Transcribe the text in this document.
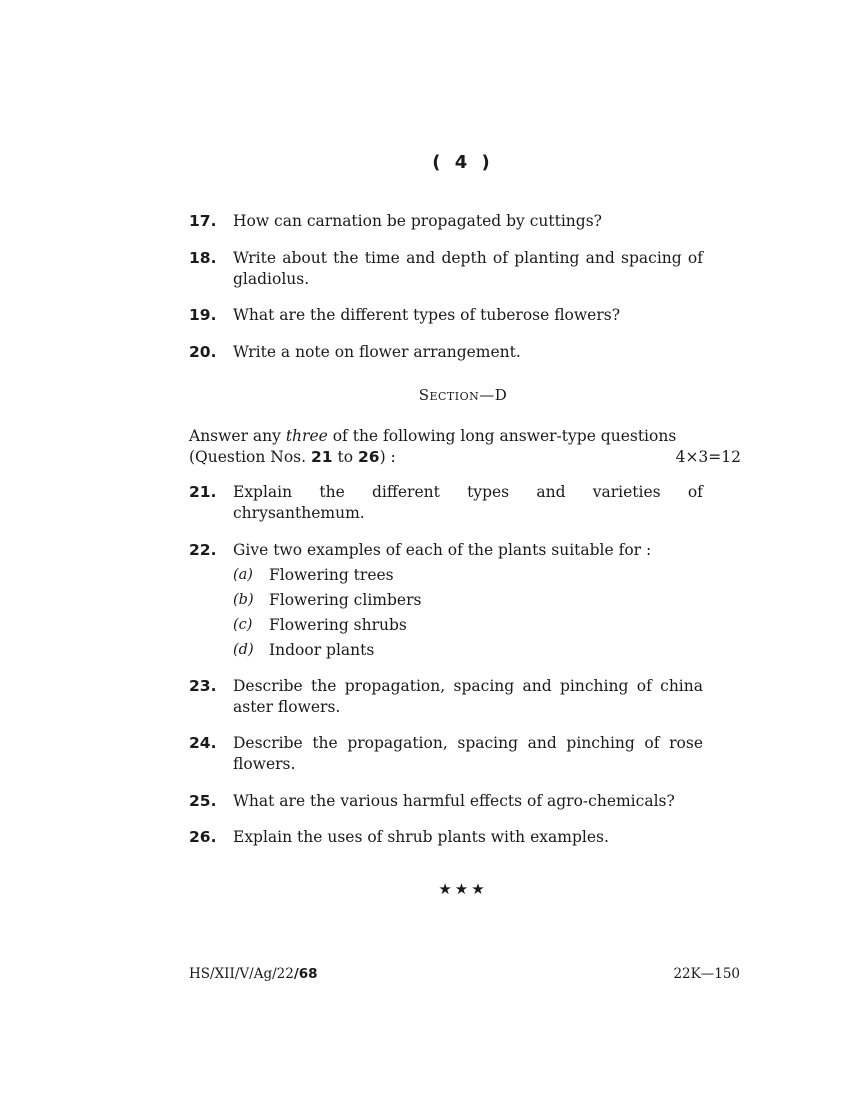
( 4 )
17. How can carnation be propagated by cuttings?
18. Write about the time and depth of planting and spacing of gladiolus.
19. What are the different types of tuberose flowers?
20. Write a note on flower arrangement.
Section—D
Answer any three of the following long answer-type questions
(Question Nos. 21 to 26) :	4×3=12
21. Explain the different types and varieties of
chrysanthemum.
22. Give two examples of each of the plants suitable for :
(a) Flowering trees
(b) Flowering climbers
(c) Flowering shrubs
(d) Indoor plants
23. Describe the propagation, spacing and pinching of china aster flowers.
24. Describe the propagation, spacing and pinching of rose flowers.
25. What are the various harmful effects of agro-chemicals?
26. Explain the uses of shrub plants with examples.
★★★
HS/XII/V/Ag/22/68	22K—150
